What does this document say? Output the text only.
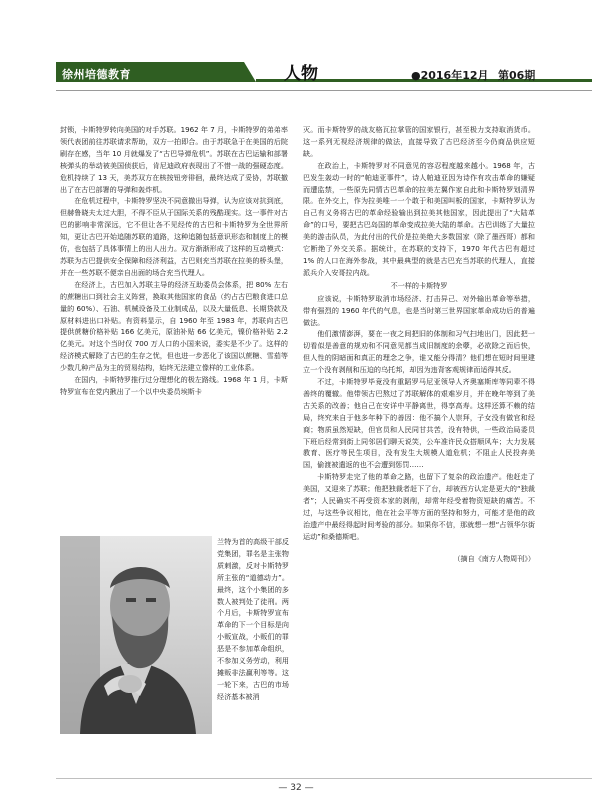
徐州培德教育	人物	●2016年12月 第06期

封锁，卡斯特罗转向美国的对手苏联。1962 年 7 月，卡斯特罗的弟弟率领代表团前往苏联请求帮助，双方一拍即合。由于苏联急于在美国的后院刷存在感，当年 10 月就爆发了“古巴导弹危机”。苏联在古巴运输和部署核弹头的举动被美国侦获后，肯尼迪政府表现出了不惜一战的强硬态度。危机持续了 13 天，美苏双方在核按钮旁徘徊，最终达成了妥协，苏联撤出了在古巴部署的导弹和轰炸机。

在危机过程中，卡斯特罗坚决不同意撤出导弹，认为应该对抗到底，但赫鲁晓夫太过大胆，不得不臣从于国际关系的残酷现实。这一事件对古巴的影响非常深远，它不但让各不见经传的古巴和卡斯特罗为全世界所知，更让古巴开始追随苏联的道路，这种追随包括意识形态和制度上的模仿，也包括了具体事情上的出人出力。双方渐渐形成了这样的互动模式：苏联为古巴提供安全保障和经济利益，古巴则充当苏联在拉美的桥头堡，并在一些苏联不便亲自出面的场合充当代理人。

在经济上，古巴加入苏联主导的经济互助委员会体系，把 80% 左右的蔗糖出口到社会主义阵营，换取其他国家的食品（约占古巴粮食进口总量的 60%）、石油、机械设备及工业制成品，以及大量低息、长期贷款及原材料进出口补贴。有资料显示，自 1960 年至 1983 年，苏联向古巴提供蔗糖价格补贴 166 亿美元，原油补贴 66 亿美元，镍价格补贴 2.2 亿美元。对这个当时仅 700 万人口的小国来说，委实是不少了。这样的经济模式解除了古巴的生存之忧，但也进一步恶化了该国以蔗糖、雪茄等少数几种产品为主的贸易结构，始终无法建立像样的工业体系。

在国内，卡斯特罗推行过分理想化的极左路线。1968 年 1 月，卡斯特罗宣布在党内揪出了一个以中央委员埃斯卡

兰特为首的高级干部反党集团，罪名是主张物质刺激，反对卡斯特罗所主张的“道德动力”。最终，这个小集团的多数人被判处了徒刑。两个月后，卡斯特罗宣布革命的下一个目标是向小贩宣战，小贩们的罪恶是不参加革命组织，不参加义务劳动，利用摊贩非法赢利等等。这一轮下来，古巴的市场经济基本被消

灭。而卡斯特罗的战友格瓦拉掌管的国家银行，甚至极力支持取消货币。这一系列无视经济规律的做法，直接导致了古巴经济至今仍商品供应短缺。

在政治上，卡斯特罗对不同意见的容忍程度越来越小。1968 年，古巴发生轰动一时的“帕迪亚事件”，诗人帕迪亚因为诗作有攻击革命的嫌疑而遭监禁，一些原先同情古巴革命的拉美左翼作家自此和卡斯特罗划清界限。在外交上，作为拉美唯一一个敢于和美国叫板的国家，卡斯特罗认为自己有义务将古巴的革命经验输出到拉美其他国家，因此提出了“大陆革命”的口号，要把古巴岛国的革命变成拉美大陆的革命。古巴训练了大量拉美的游击队员，为此付出的代价是拉美绝大多数国家（除了墨西哥）都和它断绝了外交关系。据统计，在苏联的支持下，1970 年代古巴有超过 1% 的人口在海外参战，其中最典型的就是古巴充当苏联的代理人，直接派兵介入安哥拉内战。

不一样的卡斯特罗

应该说，卡斯特罗取消市场经济、打击异己、对外输出革命等举措，带有强烈的 1960 年代的气息，也是当时第三世界国家革命成功后的普遍做法。

他们激情澎湃，要在一夜之间把旧的体制和习气扫地出门，因此把一切看似是善意的规劝和不同意见都当成旧制度的余孽，必欲除之而后快，但人性的阴暗面和真正的理念之争，谁又能分得清？他们想在短时间里建立一个没有剥削和压迫的乌托邦，却因为违背客观规律而适得其反。

不过，卡斯特罗毕竟没有重蹈罗马尼亚领导人齐奥塞斯库等同辈不得善终的覆辙。他带领古巴熬过了苏联解体的艰难岁月，并在晚年等到了美古关系的改善；他自己在安详中平静离世，得享高寿。这样还算不赖的结局，终究来自于他多年种下的善因：他不搞个人崇拜，子女没有做官和经商；物质虽然短缺，但官员和人民同甘共苦，没有特供，一些政治局委员下班后经常到街上同邻居们聊天说笑，公车准许民众搭顺风车；大力发展教育、医疗等民生项目，没有发生大规模人道危机；不阻止人民投奔美国，偷渡被遣返的也不会遭到惩罚……

卡斯特罗走完了他的革命之路，也留下了复杂的政治遗产。他赶走了美国，又迎来了苏联；他把独裁者赶下了台，却被西方认定是更大的“独裁者”；人民确实不再受资本家的剥削，却常年经受着物资短缺的痛苦。不过，与这些争议相比，他在社会平等方面的坚持和努力，可能才是他的政治遗产中最经得起时间考验的部分。如果你不信，那就想一想“占领华尔街运动”和桑德斯吧。

（摘自《南方人物周刊》）

— 32 —
